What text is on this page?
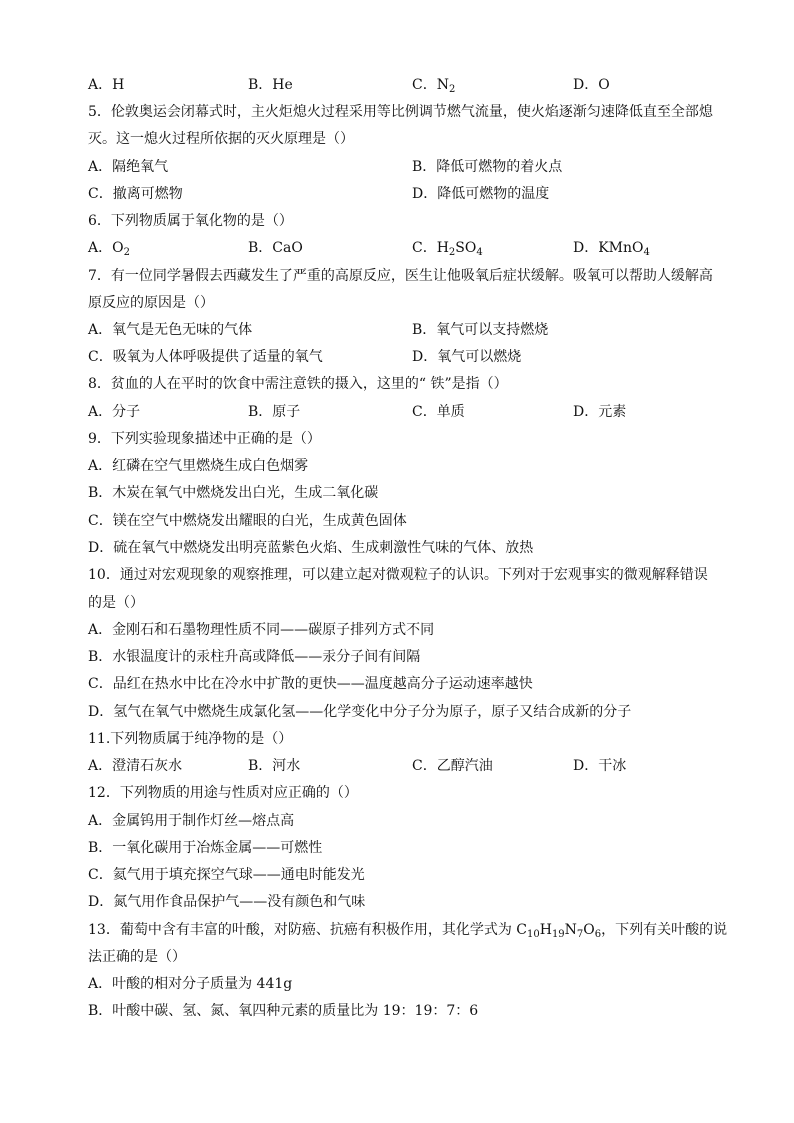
A．H	B．He	C．$N_2$	D．O
5．伦敦奥运会闭幕式时，主火炬熄火过程采用等比例调节燃气流量，使火焰逐渐匀速降低直至全部熄
灭。这一熄火过程所依据的灭火原理是（）
A．隔绝氧气	B．降低可燃物的着火点
C．撤离可燃物	D．降低可燃物的温度
6．下列物质属于氧化物的是（）
A．$O_2$	B．CaO	C．$H_2SO_4$	D．KMnO$_4$
7．有一位同学暑假去西藏发生了严重的高原反应，医生让他吸氧后症状缓解。吸氧可以帮助人缓解高
原反应的原因是（）
A．氧气是无色无味的气体	B．氧气可以支持燃烧
C．吸氧为人体呼吸提供了适量的氧气	D．氧气可以燃烧
8．贫血的人在平时的饮食中需注意铁的摄入，这里的“ 铁”是指（）
A．分子	B．原子	C．单质	D．元素
9．下列实验现象描述中正确的是（）
A．红磷在空气里燃烧生成白色烟雾
B．木炭在氧气中燃烧发出白光，生成二氧化碳
C．镁在空气中燃烧发出耀眼的白光，生成黄色固体
D．硫在氧气中燃烧发出明亮蓝紫色火焰、生成刺激性气味的气体、放热
10．通过对宏观现象的观察推理，可以建立起对微观粒子的认识。下列对于宏观事实的微观解释错误
的是（）
A．金刚石和石墨物理性质不同——碳原子排列方式不同
B．水银温度计的汞柱升高或降低——汞分子间有间隔
C．品红在热水中比在冷水中扩散的更快——温度越高分子运动速率越快
D．氢气在氧气中燃烧生成氯化氢——化学变化中分子分为原子，原子又结合成新的分子
11.下列物质属于纯净物的是（）
A．澄清石灰水	B．河水	C．乙醇汽油	D．干冰
12．下列物质的用途与性质对应正确的（）
A．金属钨用于制作灯丝—熔点高
B．一氧化碳用于冶炼金属——可燃性
C．氦气用于填充探空气球——通电时能发光
D．氮气用作食品保护气——没有颜色和气味
13．葡萄中含有丰富的叶酸，对防癌、抗癌有积极作用，其化学式为 $C_{10}H_{19}N_7O_6$，下列有关叶酸的说
法正确的是（）
A．叶酸的相对分子质量为 441g
B．叶酸中碳、氢、氮、氧四种元素的质量比为 19：19：7：6
